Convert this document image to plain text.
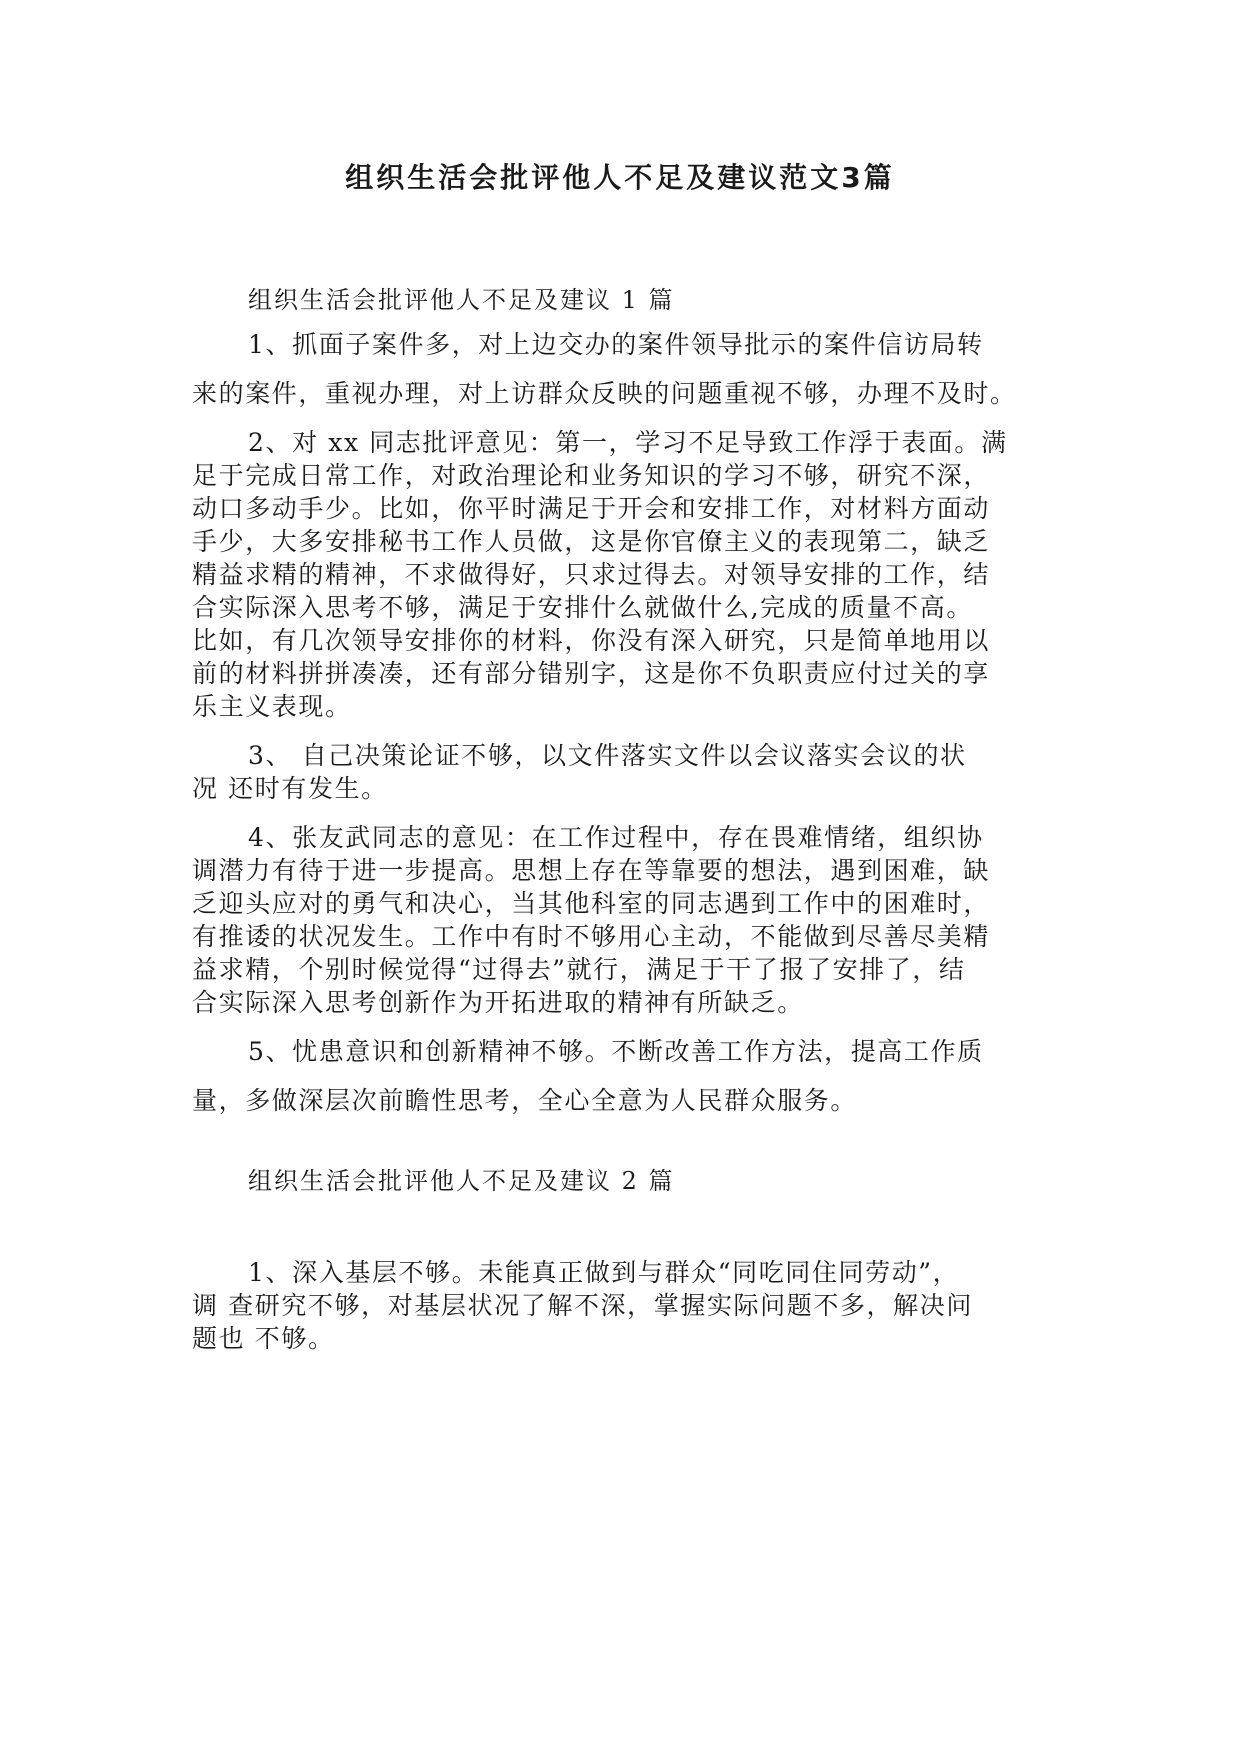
组织生活会批评他人不足及建议范文3篇
组织生活会批评他人不足及建议 1 篇
1、抓面子案件多，对上边交办的案件领导批示的案件信访局转
来的案件，重视办理，对上访群众反映的问题重视不够，办理不及时。
2、对 xx 同志批评意见：第一，学习不足导致工作浮于表面。满
足于完成日常工作，对政治理论和业务知识的学习不够，研究不深，
动口多动手少。比如，你平时满足于开会和安排工作，对材料方面动
手少，大多安排秘书工作人员做，这是你官僚主义的表现第二，缺乏
精益求精的精神，不求做得好，只求过得去。对领导安排的工作，结
合实际深入思考不够，满足于安排什么就做什么,完成的质量不高。
比如，有几次领导安排你的材料，你没有深入研究，只是简单地用以
前的材料拼拼凑凑，还有部分错别字，这是你不负职责应付过关的享
乐主义表现。
3、 自己决策论证不够，以文件落实文件以会议落实会议的状
况 还时有发生。
4、张友武同志的意见：在工作过程中，存在畏难情绪，组织协
调潜力有待于进一步提高。思想上存在等靠要的想法，遇到困难，缺
乏迎头应对的勇气和决心，当其他科室的同志遇到工作中的困难时，
有推诿的状况发生。工作中有时不够用心主动，不能做到尽善尽美精
益求精，个别时候觉得“过得去”就行，满足于干了报了安排了，结
合实际深入思考创新作为开拓进取的精神有所缺乏。
5、忧患意识和创新精神不够。不断改善工作方法，提高工作质
量，多做深层次前瞻性思考，全心全意为人民群众服务。
组织生活会批评他人不足及建议 2 篇
1、深入基层不够。未能真正做到与群众“同吃同住同劳动”，
调 查研究不够，对基层状况了解不深，掌握实际问题不多，解决问
题也 不够。
